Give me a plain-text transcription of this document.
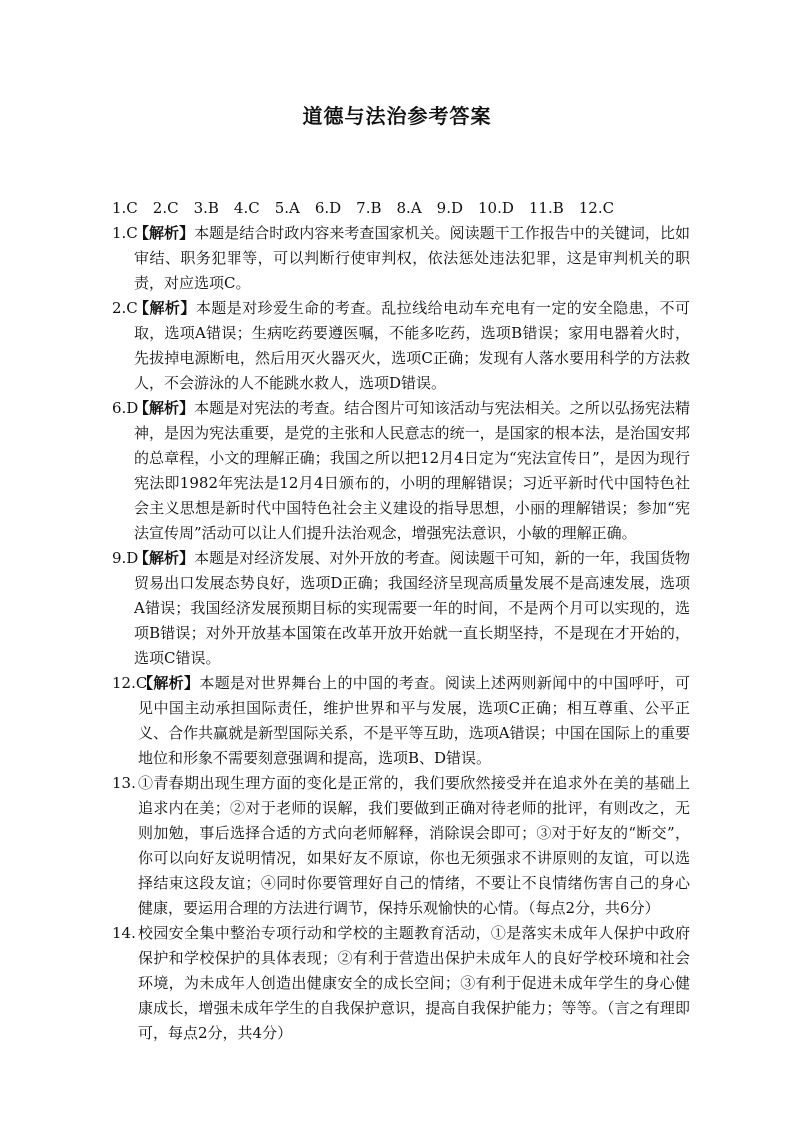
道德与法治参考答案

1.C　2.C　3.B　4.C　5.A　6.D　7.B　8.A　9.D　10.D　11.B　12.C

1.C
【解析】本题是结合时政内容来考查国家机关。阅读题干工作报告中的关键词，比如审结、职务犯罪等，可以判断行使审判权，依法惩处违法犯罪，这是审判机关的职责，对应选项C。
2.C
【解析】本题是对珍爱生命的考查。乱拉线给电动车充电有一定的安全隐患，不可取，选项A错误；生病吃药要遵医嘱，不能多吃药，选项B错误；家用电器着火时，先拔掉电源断电，然后用灭火器灭火，选项C正确；发现有人落水要用科学的方法救人，不会游泳的人不能跳水救人，选项D错误。
6.D
【解析】本题是对宪法的考查。结合图片可知该活动与宪法相关。之所以弘扬宪法精神，是因为宪法重要，是党的主张和人民意志的统一，是国家的根本法，是治国安邦的总章程，小文的理解正确；我国之所以把12月4日定为“宪法宣传日”，是因为现行宪法即1982年宪法是12月4日颁布的，小明的理解错误；习近平新时代中国特色社会主义思想是新时代中国特色社会主义建设的指导思想，小丽的理解错误；参加“宪法宣传周”活动可以让人们提升法治观念，增强宪法意识，小敏的理解正确。
9.D
【解析】本题是对经济发展、对外开放的考查。阅读题干可知，新的一年，我国货物贸易出口发展态势良好，选项D正确；我国经济呈现高质量发展不是高速发展，选项A错误；我国经济发展预期目标的实现需要一年的时间，不是两个月可以实现的，选项B错误；对外开放基本国策在改革开放开始就一直长期坚持，不是现在才开始的，选项C错误。
12.C
【解析】本题是对世界舞台上的中国的考查。阅读上述两则新闻中的中国呼吁，可见中国主动承担国际责任，维护世界和平与发展，选项C正确；相互尊重、公平正义、合作共赢就是新型国际关系，不是平等互助，选项A错误；中国在国际上的重要地位和形象不需要刻意强调和提高，选项B、D错误。
13. ①青春期出现生理方面的变化是正常的，我们要欣然接受并在追求外在美的基础上追求内在美；②对于老师的误解，我们要做到正确对待老师的批评，有则改之，无则加勉，事后选择合适的方式向老师解释，消除误会即可；③对于好友的“断交”，你可以向好友说明情况，如果好友不原谅，你也无须强求不讲原则的友谊，可以选择结束这段友谊；④同时你要管理好自己的情绪，不要让不良情绪伤害自己的身心健康，要运用合理的方法进行调节，保持乐观愉快的心情。（每点2分，共6分）
14. 校园安全集中整治专项行动和学校的主题教育活动，①是落实未成年人保护中政府保护和学校保护的具体表现；②有利于营造出保护未成年人的良好学校环境和社会环境，为未成年人创造出健康安全的成长空间；③有利于促进未成年学生的身心健康成长，增强未成年学生的自我保护意识，提高自我保护能力；等等。（言之有理即可，每点2分，共4分）
